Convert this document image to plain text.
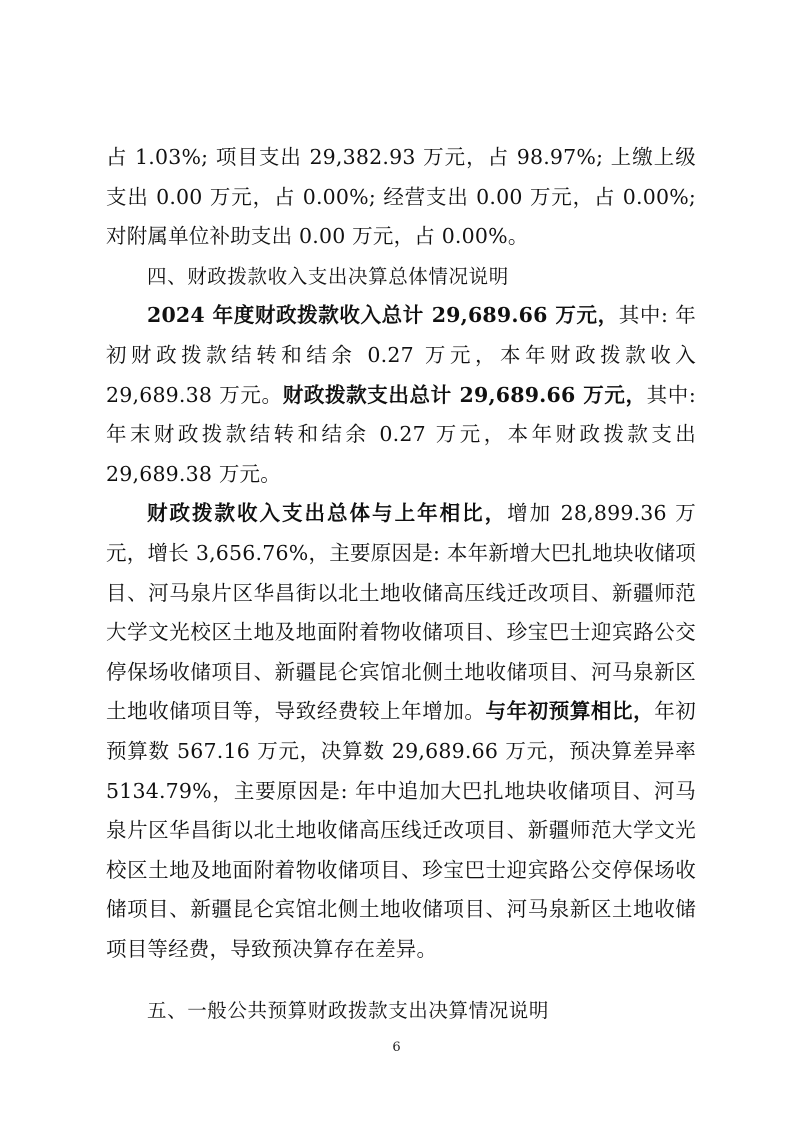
占 1.03%; 项目支出 29,382.93 万元，占 98.97%; 上缴上级支出 0.00 万元，占 0.00%; 经营支出 0.00 万元，占 0.00%; 对附属单位补助支出 0.00 万元，占 0.00%。

四、财政拨款收入支出决算总体情况说明

2024 年度财政拨款收入总计 29,689.66 万元，其中: 年初财政拨款结转和结余 0.27 万元，本年财政拨款收入 29,689.38 万元。财政拨款支出总计 29,689.66 万元，其中: 年末财政拨款结转和结余 0.27 万元，本年财政拨款支出 29,689.38 万元。

财政拨款收入支出总体与上年相比，增加 28,899.36 万元，增长 3,656.76%，主要原因是: 本年新增大巴扎地块收储项目、河马泉片区华昌街以北土地收储高压线迁改项目、新疆师范大学文光校区土地及地面附着物收储项目、珍宝巴士迎宾路公交停保场收储项目、新疆昆仑宾馆北侧土地收储项目、河马泉新区土地收储项目等，导致经费较上年增加。与年初预算相比，年初预算数 567.16 万元，决算数 29,689.66 万元，预决算差异率 5134.79%，主要原因是: 年中追加大巴扎地块收储项目、河马泉片区华昌街以北土地收储高压线迁改项目、新疆师范大学文光校区土地及地面附着物收储项目、珍宝巴士迎宾路公交停保场收储项目、新疆昆仑宾馆北侧土地收储项目、河马泉新区土地收储项目等经费，导致预决算存在差异。

五、一般公共预算财政拨款支出决算情况说明

6
